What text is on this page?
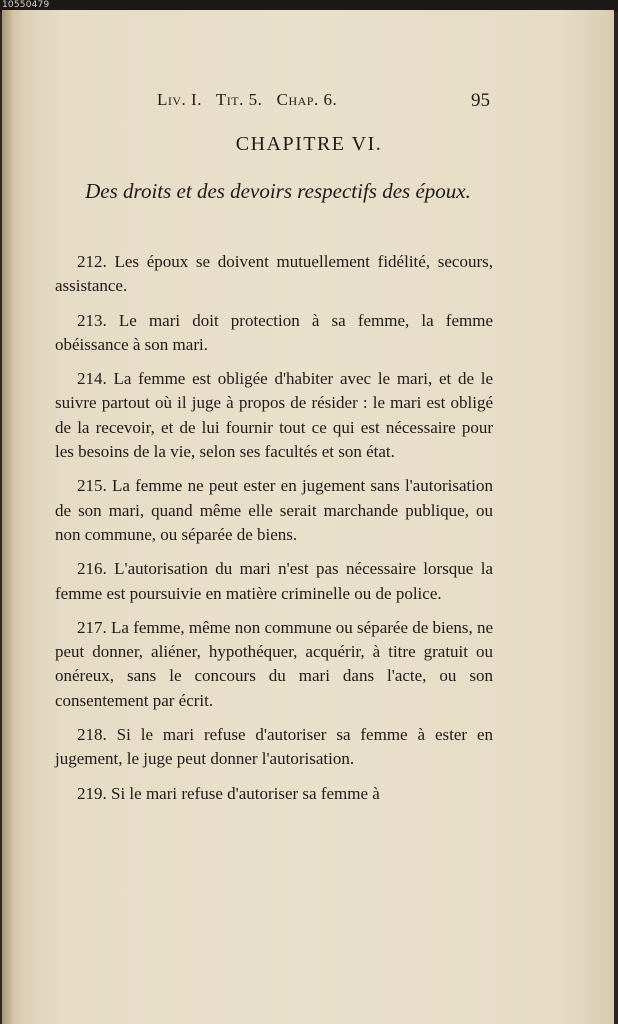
10550479
Liv. I.   Tit. 5.   Chap. 6.	95
CHAPITRE VI.
Des droits et des devoirs respectifs des époux.

212. Les époux se doivent mutuellement fidélité, secours, assistance.

213. Le mari doit protection à sa femme, la femme obéissance à son mari.

214. La femme est obligée d'habiter avec le mari, et de le suivre partout où il juge à propos de résider : le mari est obligé de la recevoir, et de lui fournir tout ce qui est nécessaire pour les besoins de la vie, selon ses facultés et son état.

215. La femme ne peut ester en jugement sans l'autorisation de son mari, quand même elle serait marchande publique, ou non commune, ou séparée de biens.

216. L'autorisation du mari n'est pas nécessaire lorsque la femme est poursuivie en matière criminelle ou de police.

217. La femme, même non commune ou séparée de biens, ne peut donner, aliéner, hypothéquer, acquérir, à titre gratuit ou onéreux, sans le concours du mari dans l'acte, ou son consentement par écrit.

218. Si le mari refuse d'autoriser sa femme à ester en jugement, le juge peut donner l'autorisation.

219. Si le mari refuse d'autoriser sa femme à
